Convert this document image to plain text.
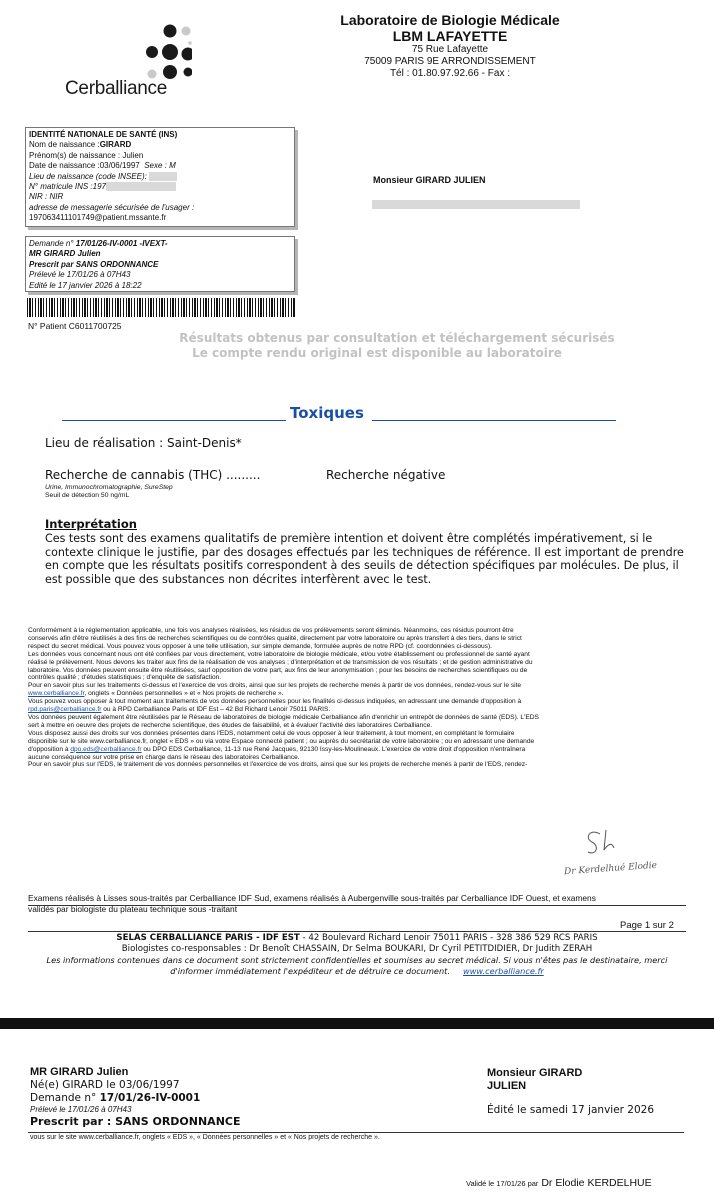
Cerballiance
Laboratoire de Biologie Médicale
LBM LAFAYETTE
75 Rue Lafayette
75009 PARIS 9E ARRONDISSEMENT
Tél : 01.80.97.92.66 - Fax :
IDENTITÉ NATIONALE DE SANTÉ (INS)
Nom de naissance :GIRARD
Prénom(s) de naissance : Julien
Date de naissance :03/06/1997 Sexe : M
Lieu de naissance (code INSEE):
N° matricule INS :197
NIR : NIR
adresse de messagerie sécurisée de l'usager :
197063411101749@patient.mssante.fr
Demande n° 17/01/26-IV-0001 -IVEXT-
MR GIRARD Julien
Prescrit par SANS ORDONNANCE
Prélevé le 17/01/26 à 07H43
Edité le 17 janvier 2026 à 18:22
N° Patient C6011700725
Monsieur GIRARD JULIEN
Résultats obtenus par consultation et téléchargement sécurisés
Le compte rendu original est disponible au laboratoire
Toxiques
Lieu de réalisation : Saint-Denis*
Recherche de cannabis (THC) .........	Recherche négative
Urine, Immunochromatographie, SureStep
Seuil de détection 50 ng/mL
Interprétation
Ces tests sont des examens qualitatifs de première intention et doivent être complétés impérativement, si le
contexte clinique le justifie, par des dosages effectués par les techniques de référence. Il est important de prendre
en compte que les résultats positifs correspondent à des seuils de détection spécifiques par molécules. De plus, il
est possible que des substances non décrites interfèrent avec le test.
Conformément à la réglementation applicable, une fois vos analyses réalisées, les résidus de vos prélèvements seront éliminés. Néanmoins, ces résidus pourront être
conservés afin d'être réutilisés à des fins de recherches scientifiques ou de contrôles qualité, directement par votre laboratoire ou après transfert à des tiers, dans le strict
respect du secret médical. Vous pouvez vous opposer à une telle utilisation, sur simple demande, formulée auprès de notre RPD (cf. coordonnées ci-dessous).
Les données vous concernant nous ont été confiées par vous directement, votre laboratoire de biologie médicale, et/ou votre établissement ou professionnel de santé ayant
réalisé le prélèvement. Nous devons les traiter aux fins de la réalisation de vos analyses ; d'interprétation et de transmission de vos résultats ; et de gestion administrative du
laboratoire. Vos données peuvent ensuite être réutilisées, sauf opposition de votre part, aux fins de leur anonymisation ; pour les besoins de recherches scientifiques ou de
contrôles qualité ; d'études statistiques ; d'enquête de satisfaction.
Pour en savoir plus sur les traitements ci-dessus et l'exercice de vos droits, ainsi que sur les projets de recherche menés à partir de vos données, rendez-vous sur le site
www.cerballiance.fr, onglets « Données personnelles » et « Nos projets de recherche ».
Vous pouvez vous opposer à tout moment aux traitements de vos données personnelles pour les finalités ci-dessus indiquées, en adressant une demande d'opposition à
rpd.paris@cerballiance.fr ou à RPD Cerballiance Paris et IDF Est – 42 Bd Richard Lenoir 75011 PARIS.
Vos données peuvent également être réutilisées par le Réseau de laboratoires de biologie médicale Cerballiance afin d'enrichir un entrepôt de données de santé (EDS). L'EDS
sert à mettre en oeuvre des projets de recherche scientifique, des études de faisabilité, et à évaluer l'activité des laboratoires Cerballiance.
Vous disposez aussi des droits sur vos données présentes dans l'EDS, notamment celui de vous opposer à leur traitement, à tout moment, en complétant le formulaire
disponible sur le site www.cerballiance.fr, onglet « EDS » ou via votre Espace connecté patient ; ou auprès du secrétariat de votre laboratoire ; ou en adressant une demande
d'opposition à dpo.eds@cerballiance.fr ou DPO EDS Cerballiance, 11-13 rue René Jacques, 92130 Issy-les-Moulineaux. L'exercice de votre droit d'opposition n'entraînera
aucune conséquence sur votre prise en charge dans le réseau des laboratoires Cerballiance.
Pour en savoir plus sur l'EDS, le traitement de vos données personnelles et l'exercice de vos droits, ainsi que sur les projets de recherche menés à partir de l'EDS, rendez-
Dr Kerdelhué Elodie
Examens réalisés à Lisses sous-traités par Cerballiance IDF Sud, examens réalisés à Aubergenville sous-traités par Cerballiance IDF Ouest, et examens
validés par biologiste du plateau technique sous -traitant
Page 1 sur 2
SELAS CERBALLIANCE PARIS - IDF EST - 42 Boulevard Richard Lenoir 75011 PARIS - 328 386 529 RCS PARIS
Biologistes co-responsables : Dr Benoît CHASSAIN, Dr Selma BOUKARI, Dr Cyril PETITDIDIER, Dr Judith ZERAH
Les informations contenues dans ce document sont strictement confidentielles et soumises au secret médical. Si vous n'êtes pas le destinataire, merci
d'informer immédiatement l'expéditeur et de détruire ce document. www.cerballiance.fr
MR GIRARD Julien
Né(e) GIRARD le 03/06/1997
Demande n° 17/01/26-IV-0001
Prélevé le 17/01/26 à 07H43
Prescrit par : SANS ORDONNANCE
Monsieur GIRARD
JULIEN
Édité le samedi 17 janvier 2026
vous sur le site www.cerballiance.fr, onglets « EDS », « Données personnelles » et « Nos projets de recherche ».
Validé le 17/01/26 par Dr Elodie KERDELHUE
